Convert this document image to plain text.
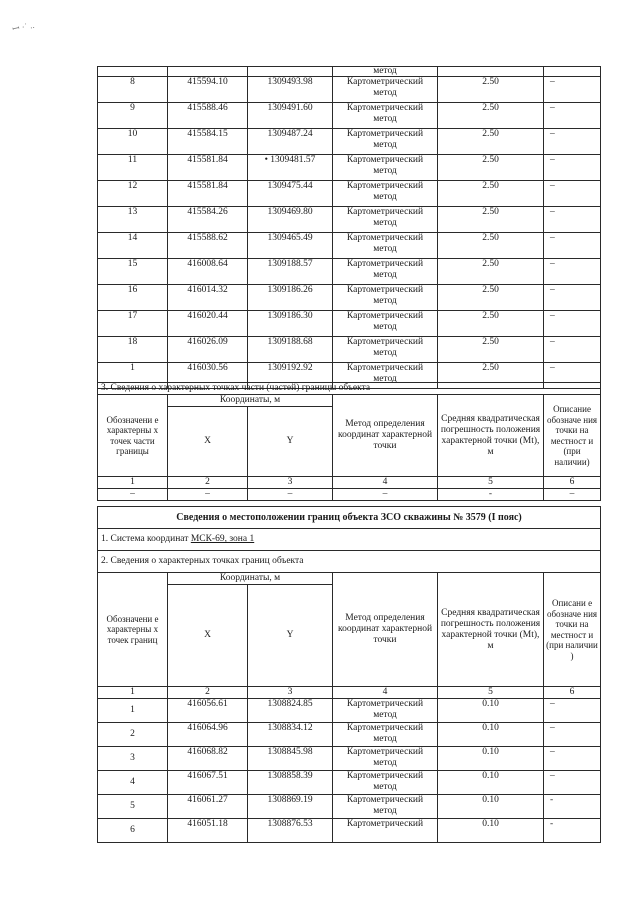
ꟷ ·˙ ..
			метод		
8	415594.10	1309493.98	Картометрический
метод	2.50	–
9	415588.46	1309491.60	Картометрический
метод	2.50	–
10	415584.15	1309487.24	Картометрический
метод	2.50	–
11	415581.84	• 1309481.57	Картометрический
метод	2.50	–
12	415581.84	1309475.44	Картометрический
метод	2.50	–
13	415584.26	1309469.80	Картометрический
метод	2.50	–
14	415588.62	1309465.49	Картометрический
метод	2.50	–
15	416008.64	1309188.57	Картометрический
метод	2.50	–
16	416014.32	1309186.26	Картометрический
метод	2.50	–
17	416020.44	1309186.30	Картометрический
метод	2.50	–
18	416026.09	1309188.68	Картометрический
метод	2.50	–
1	416030.56	1309192.92	Картометрический
метод	2.50	–
3. Сведения о характерных точках части (частей) границы объекта					
Обозначени е характерны х точек части границы	Координаты, м		Метод определения координат характерной точки	Средняя квадратическая погрешность положения характерной точки (Mt), м	Описание обозначе ния точки на местност и (при наличии)
	X	Y			
1	2	3	4	5	6
–	–	–	–	-	–
Сведения о местоположении границ объекта ЗСО скважины № 3579 (I пояс)					
1. Система координат МСК-69, зона 1					
2. Сведения о характерных точках границ объекта					
Обозначени е характерны х точек границ	Координаты, м		Метод определения координат характерной точки	Средняя квадратическая погрешность положения характерной точки (Mt), м	Описани е обозначе ния точки на местност и (при наличии )
	X	Y			
1	2	3	4	5	6
1	416056.61	1308824.85	Картометрический
метод	0.10	–
2	416064.96	1308834.12	Картометрический
метод	0.10	–
3	416068.82	1308845.98	Картометрический
метод	0.10	–
4	416067.51	1308858.39	Картометрический
метод	0.10	–
5	416061.27	1308869.19	Картометрический
метод	0.10	-
6	416051.18	1308876.53	Картометрический	0.10	-
